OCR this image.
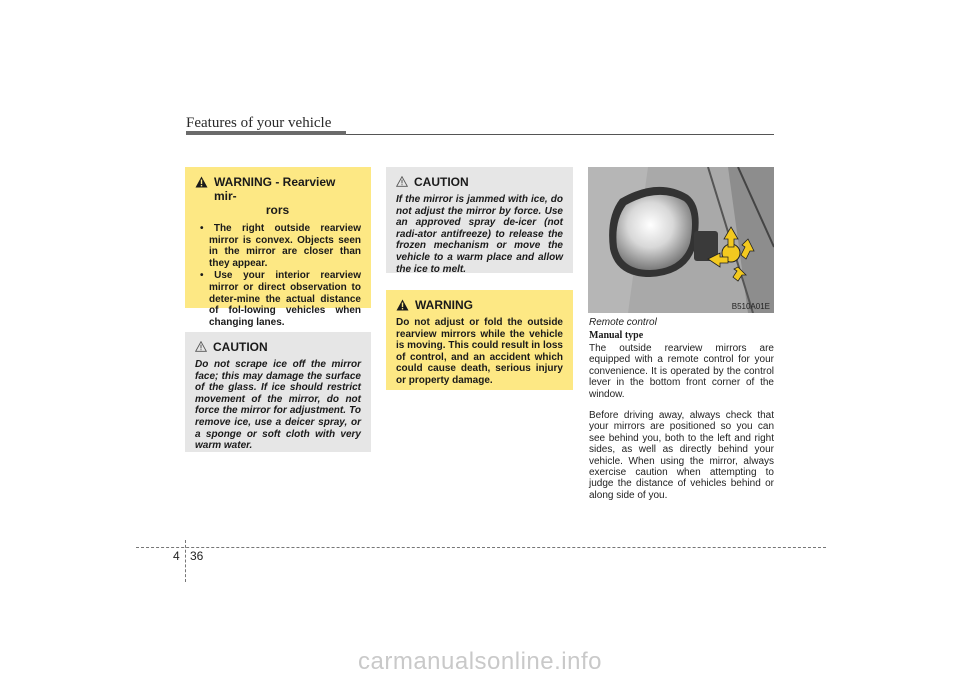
Features of your vehicle
WARNING - Rearview mir-
rors
• The right outside rearview mirror is convex. Objects seen in the mirror are closer than they appear.
• Use your interior rearview mirror or direct observation to deter-mine the actual distance of fol-lowing vehicles when changing lanes.
CAUTION
Do not scrape ice off the mirror face; this may damage the surface of the glass. If ice should restrict movement of the mirror, do not force the mirror for adjustment. To remove ice, use a deicer spray, or a sponge or soft cloth with very warm water.
CAUTION
If the mirror is jammed with ice, do not adjust the mirror by force. Use an approved spray de-icer (not radi-ator antifreeze) to release the frozen mechanism or move the vehicle to a warm place and allow the ice to melt.
WARNING
Do not adjust or fold the outside rearview mirrors while the vehicle is moving. This could result in loss of control, and an accident which could cause death, serious injury or property damage.
B510A01E
Remote control
Manual type

The outside rearview mirrors are equipped with a remote control for your convenience. It is operated by the control lever in the bottom front corner of the window.

Before driving away, always check that your mirrors are positioned so you can see behind you, both to the left and right sides, as well as directly behind your vehicle. When using the mirror, always exercise caution when attempting to judge the distance of vehicles behind or along side of you.

4 36
carmanualsonline.info
